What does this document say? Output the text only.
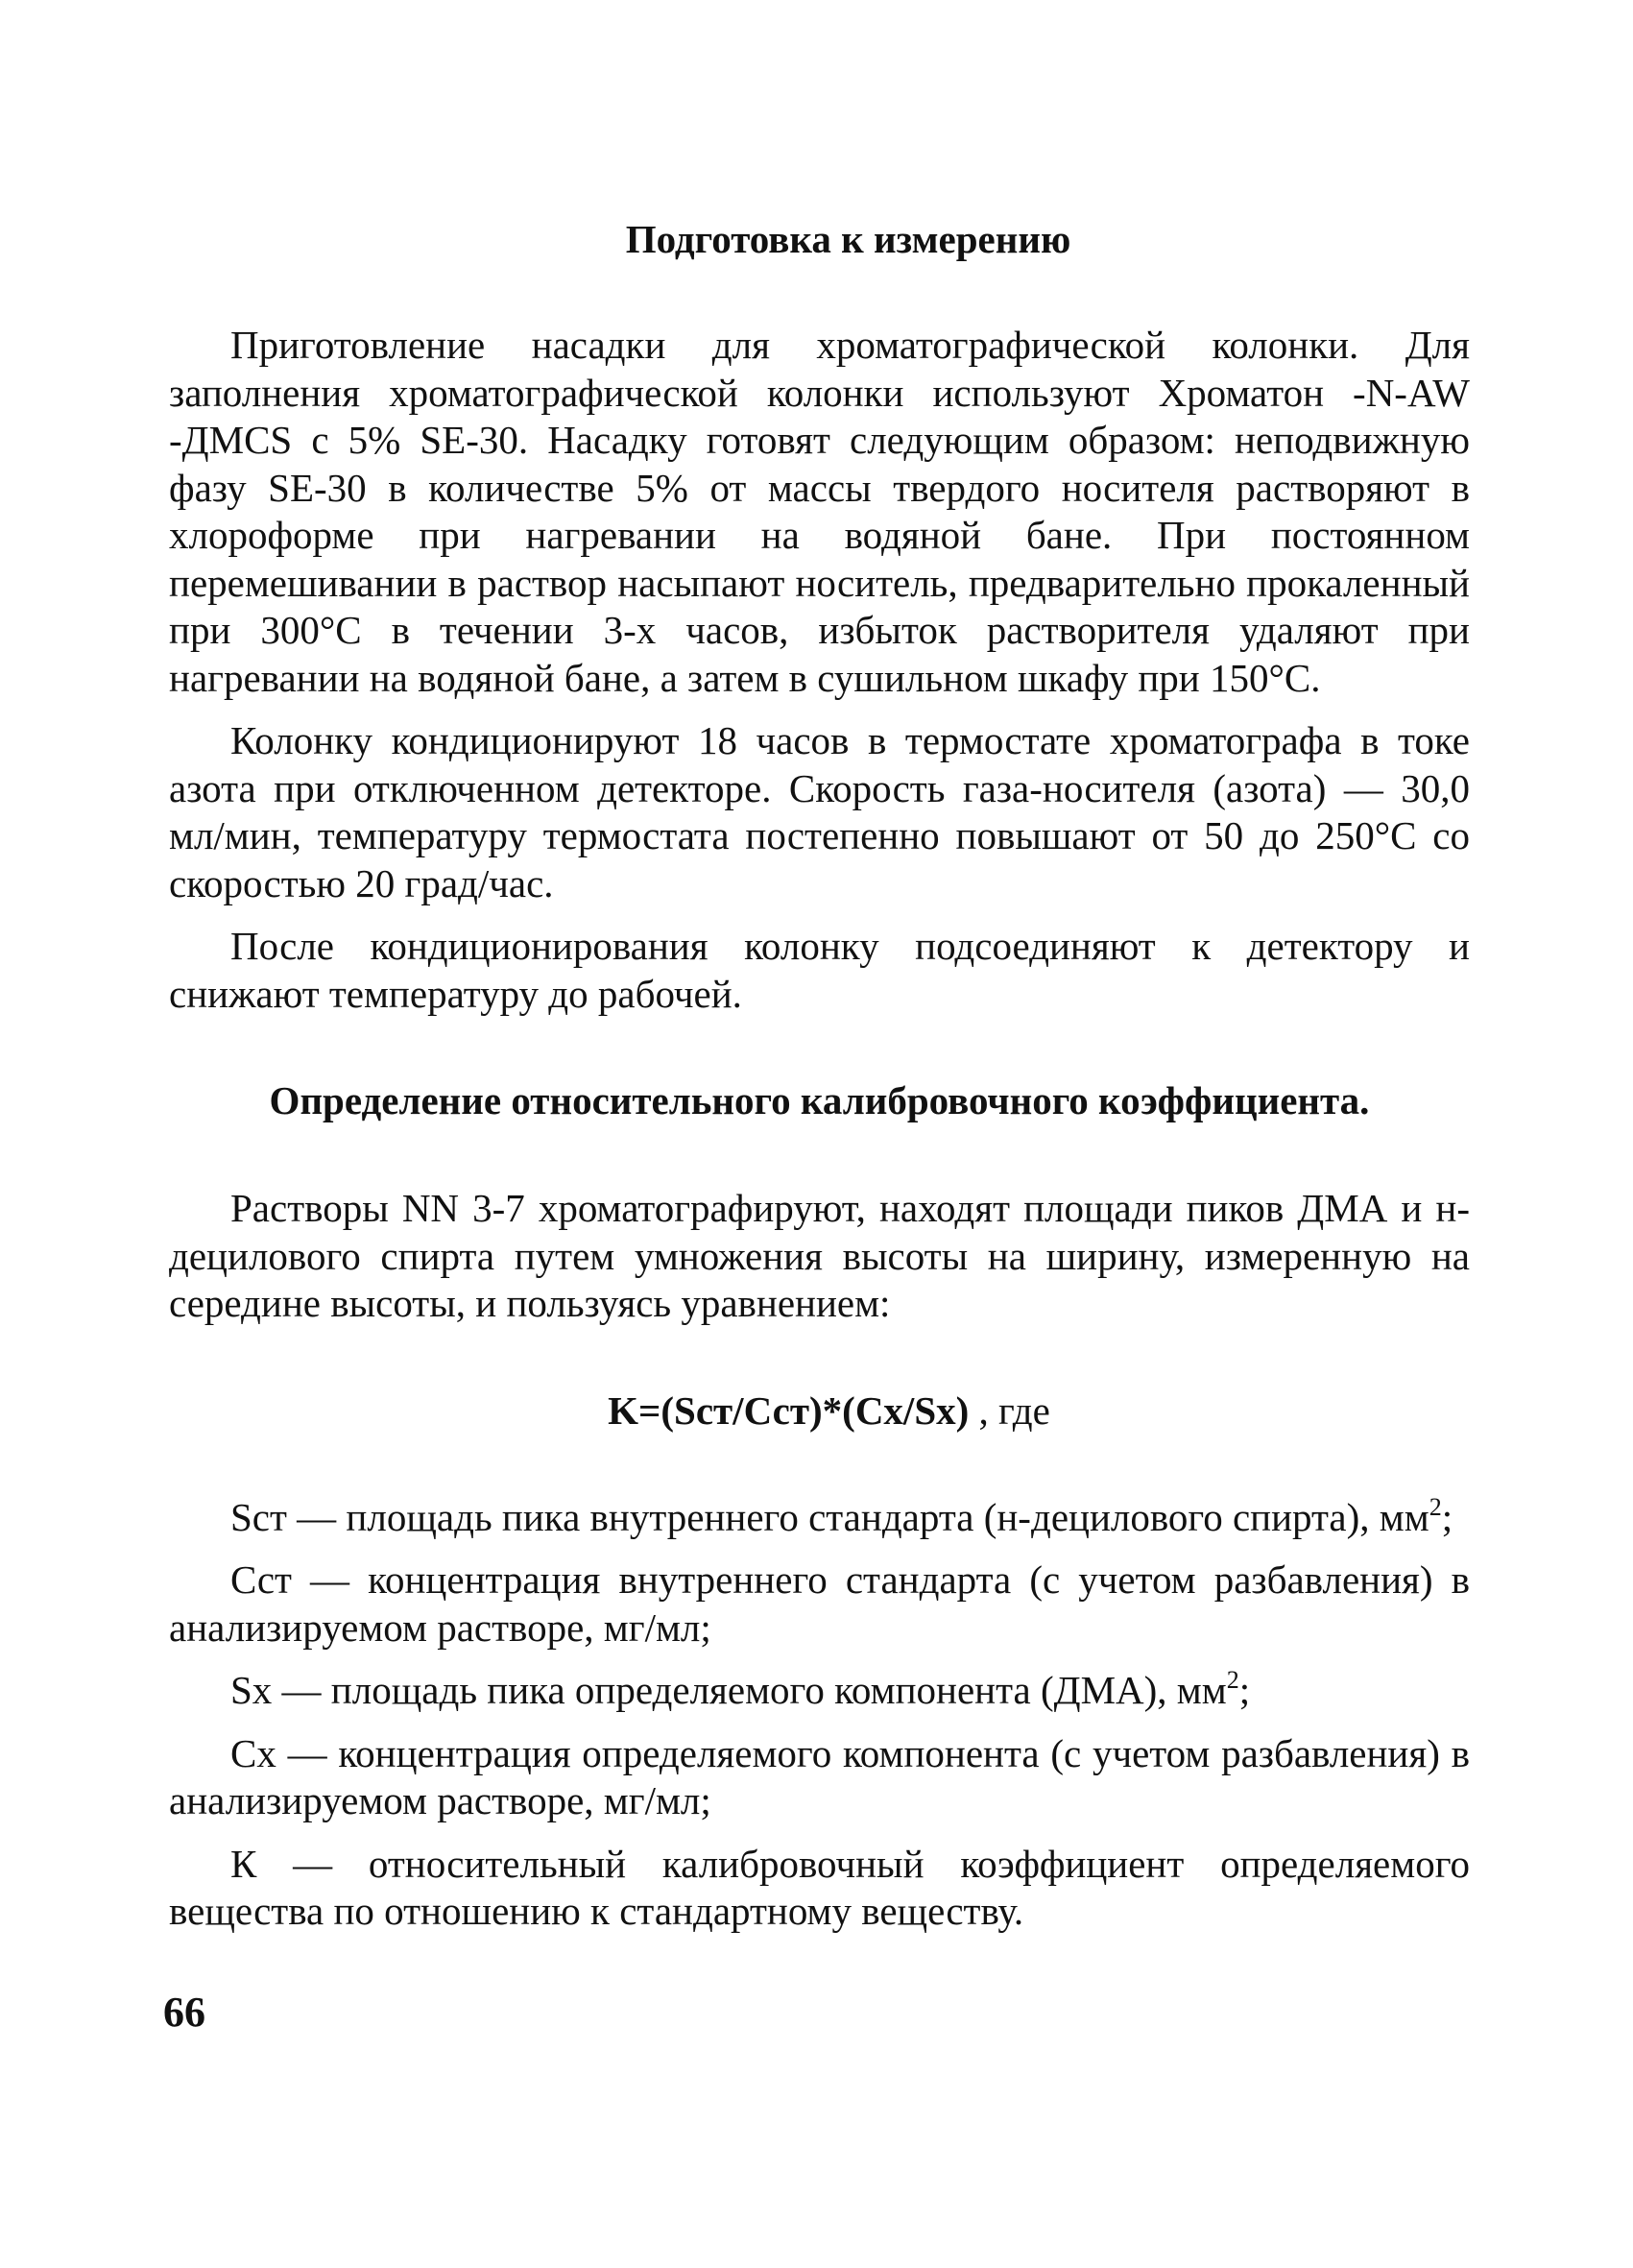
Подготовка к измерению

Приготовление насадки для хроматографической колонки. Для заполнения хроматографической колонки используют Хроматон -N-AW -ДМCS с 5% SE-30. Насадку готовят следующим образом: неподвижную фазу SE-30 в количестве 5% от массы твердого носителя растворяют в хлороформе при нагревании на водяной бане. При постоянном перемешивании в раствор насыпают носитель, предварительно прокаленный при 300°С в течении 3-х часов, избыток растворителя удаляют при нагревании на водяной бане, а затем в сушильном шкафу при 150°С.

Колонку кондиционируют 18 часов в термостате хроматографа в токе азота при отключенном детекторе. Скорость газа-носителя (азота) — 30,0 мл/мин, температуру термостата постепенно повышают от 50 до 250°С со скоростью 20 град/час.

После кондиционирования колонку подсоединяют к детектору и снижают температуру до рабочей.

Определение относительного калибровочного коэффициента.

Растворы NN 3-7 хроматографируют, находят площади пиков ДМА и н-децилового спирта путем умножения высоты на ширину, измеренную на середине высоты, и пользуясь уравнением:

K=(Sст/Сст)*(Сx/Sx) , где

Sст — площадь пика внутреннего стандарта (н-децилового спирта), $мм^2$;

Сст — концентрация внутреннего стандарта (с учетом разбавления) в анализируемом растворе, мг/мл;

Sx — площадь пика определяемого компонента (ДМА), $мм^2$;

Сx — концентрация определяемого компонента (с учетом разбавления) в анализируемом растворе, мг/мл;

К — относительный калибровочный коэффициент определяемого вещества по отношению к стандартному веществу.

66
